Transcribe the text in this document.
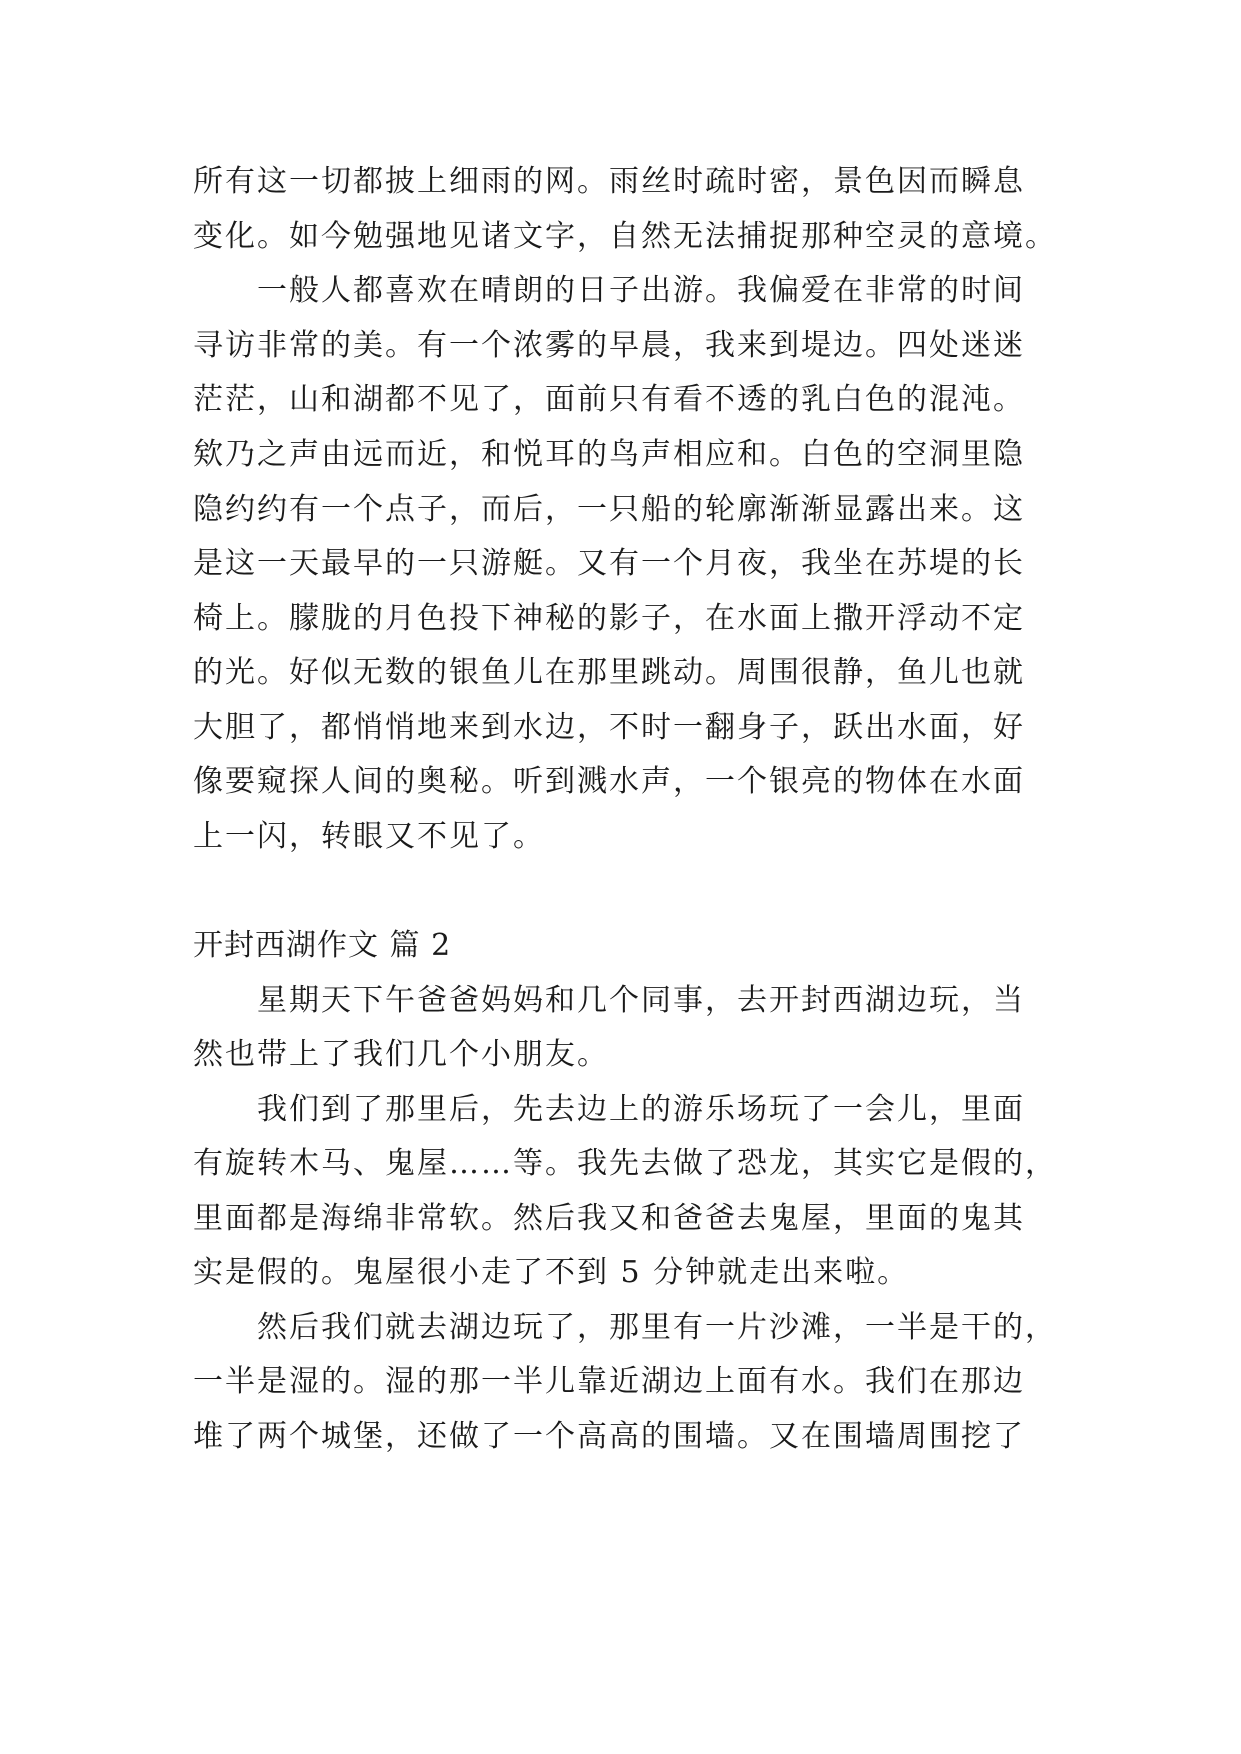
所有这一切都披上细雨的网。雨丝时疏时密，景色因而瞬息
变化。如今勉强地见诸文字，自然无法捕捉那种空灵的意境。
一般人都喜欢在晴朗的日子出游。我偏爱在非常的时间
寻访非常的美。有一个浓雾的早晨，我来到堤边。四处迷迷
茫茫，山和湖都不见了，面前只有看不透的乳白色的混沌。
欸乃之声由远而近，和悦耳的鸟声相应和。白色的空洞里隐
隐约约有一个点子，而后，一只船的轮廓渐渐显露出来。这
是这一天最早的一只游艇。又有一个月夜，我坐在苏堤的长
椅上。朦胧的月色投下神秘的影子，在水面上撒开浮动不定
的光。好似无数的银鱼儿在那里跳动。周围很静，鱼儿也就
大胆了，都悄悄地来到水边，不时一翻身子，跃出水面，好
像要窥探人间的奥秘。听到溅水声，一个银亮的物体在水面
上一闪，转眼又不见了。
开封西湖作文 篇 2
星期天下午爸爸妈妈和几个同事，去开封西湖边玩，当
然也带上了我们几个小朋友。
我们到了那里后，先去边上的游乐场玩了一会儿，里面
有旋转木马、鬼屋……等。我先去做了恐龙，其实它是假的，
里面都是海绵非常软。然后我又和爸爸去鬼屋，里面的鬼其
实是假的。鬼屋很小走了不到 5 分钟就走出来啦。
然后我们就去湖边玩了，那里有一片沙滩，一半是干的，
一半是湿的。湿的那一半儿靠近湖边上面有水。我们在那边
堆了两个城堡，还做了一个高高的围墙。又在围墙周围挖了
